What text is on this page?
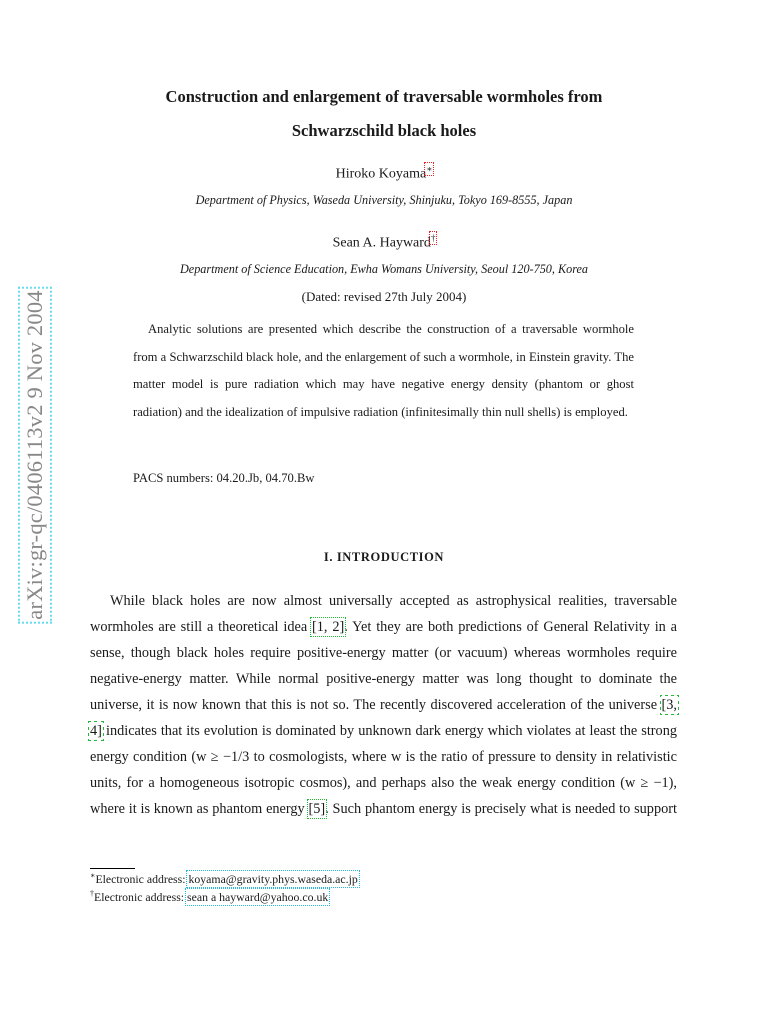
arXiv:gr-qc/0406113v2 9 Nov 2004
Construction and enlargement of traversable wormholes from
Schwarzschild black holes
Hiroko Koyama∗
Department of Physics, Waseda University, Shinjuku, Tokyo 169-8555, Japan
Sean A. Hayward†
Department of Science Education, Ewha Womans University, Seoul 120-750, Korea
(Dated: revised 27th July 2004)

Analytic solutions are presented which describe the construction of a traversable wormhole from a Schwarzschild black hole, and the enlargement of such a wormhole, in Einstein gravity. The matter model is pure radiation which may have negative energy density (phantom or ghost radiation) and the idealization of impulsive radiation (infinitesimally thin null shells) is employed.

PACS numbers: 04.20.Jb, 04.70.Bw
I. INTRODUCTION

While black holes are now almost universally accepted as astrophysical realities, traversable wormholes are still a theoretical idea [1, 2]. Yet they are both predictions of General Relativity in a sense, though black holes require positive-energy matter (or vacuum) whereas wormholes require negative-energy matter. While normal positive-energy matter was long thought to dominate the universe, it is now known that this is not so. The recently discovered acceleration of the universe [3, 4] indicates that its evolution is dominated by unknown dark energy which violates at least the strong energy condition (w ≥ −1/3 to cosmologists, where w is the ratio of pressure to density in relativistic units, for a homogeneous isotropic cosmos), and perhaps also the weak energy condition (w ≥ −1), where it is known as phantom energy [5]. Such phantom energy is precisely what is needed to support

∗Electronic address: koyama@gravity.phys.waseda.ac.jp
†Electronic address: sean a hayward@yahoo.co.uk
